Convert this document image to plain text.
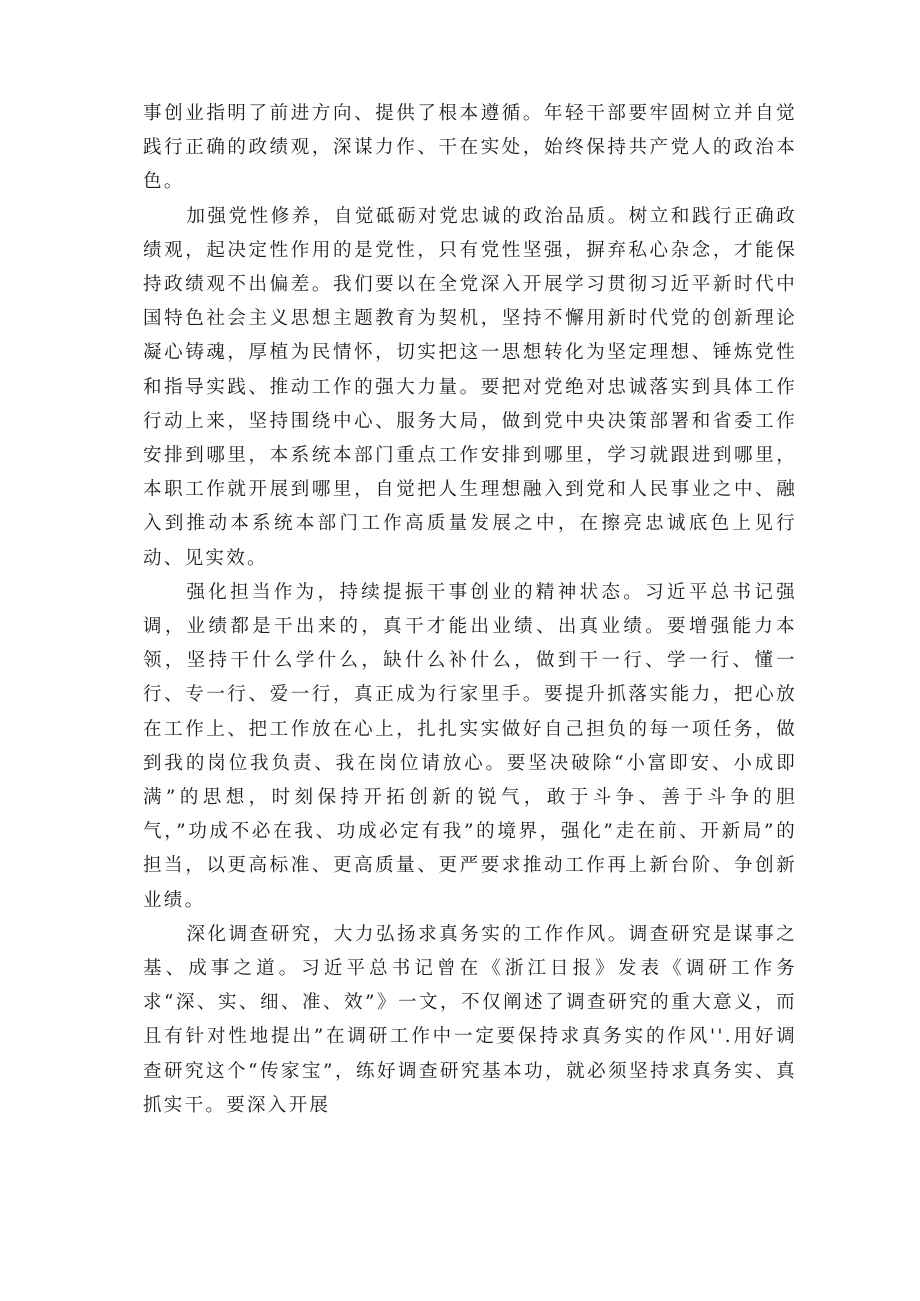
事创业指明了前进方向、提供了根本遵循。年轻干部要牢固树立并自觉践行正确的政绩观，深谋力作、干在实处，始终保持共产党人的政治本色。

加强党性修养，自觉砥砺对党忠诚的政治品质。树立和践行正确政绩观，起决定性作用的是党性，只有党性坚强，摒弃私心杂念，才能保持政绩观不出偏差。我们要以在全党深入开展学习贯彻习近平新时代中国特色社会主义思想主题教育为契机，坚持不懈用新时代党的创新理论凝心铸魂，厚植为民情怀，切实把这一思想转化为坚定理想、锤炼党性和指导实践、推动工作的强大力量。要把对党绝对忠诚落实到具体工作行动上来，坚持围绕中心、服务大局，做到党中央决策部署和省委工作安排到哪里，本系统本部门重点工作安排到哪里，学习就跟进到哪里，本职工作就开展到哪里，自觉把人生理想融入到党和人民事业之中、融入到推动本系统本部门工作高质量发展之中，在擦亮忠诚底色上见行动、见实效。

强化担当作为，持续提振干事创业的精神状态。习近平总书记强调，业绩都是干出来的，真干才能出业绩、出真业绩。要增强能力本领，坚持干什么学什么，缺什么补什么，做到干一行、学一行、懂一行、专一行、爱一行，真正成为行家里手。要提升抓落实能力，把心放在工作上、把工作放在心上，扎扎实实做好自己担负的每一项任务，做到我的岗位我负责、我在岗位请放心。要坚决破除“小富即安、小成即满”的思想，时刻保持开拓创新的锐气，敢于斗争、善于斗争的胆气，”功成不必在我、功成必定有我”的境界，强化”走在前、开新局”的担当，以更高标准、更高质量、更严要求推动工作再上新台阶、争创新业绩。

深化调查研究，大力弘扬求真务实的工作作风。调查研究是谋事之基、成事之道。习近平总书记曾在《浙江日报》发表《调研工作务求“深、实、细、准、效”》一文，不仅阐述了调查研究的重大意义，而且有针对性地提出”在调研工作中一定要保持求真务实的作风''.用好调查研究这个“传家宝”，练好调查研究基本功，就必须坚持求真务实、真抓实干。要深入开展
